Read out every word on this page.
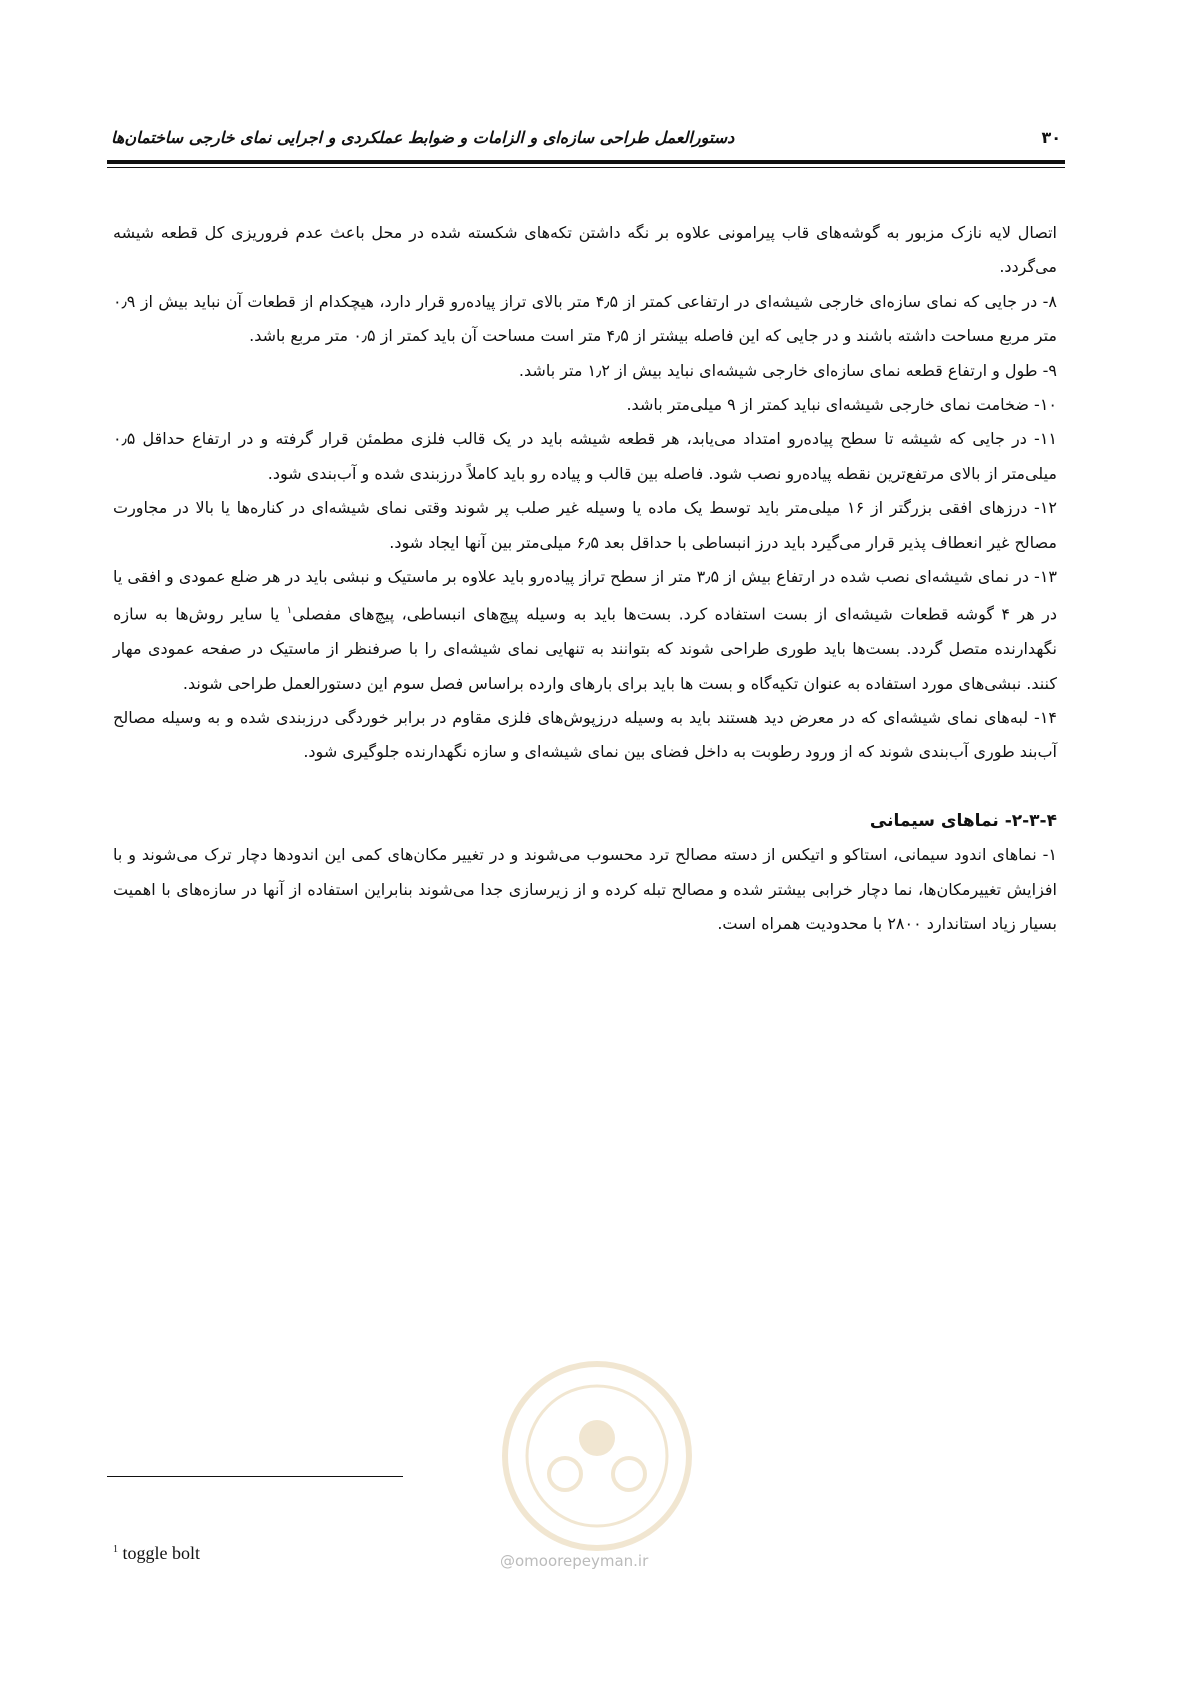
۳۰
دستورالعمل طراحی سازه‌ای و الزامات و ضوابط عملکردی و اجرایی نمای خارجی ساختمان‌ها

اتصال لایه نازک مزبور به گوشه‌های قاب پیرامونی علاوه بر نگه داشتن تکه‌های شکسته شده در محل باعث عدم فروریزی کل قطعه شیشه می‌گردد.

۸- در جایی که نمای سازه‌ای خارجی شیشه‌ای در ارتفاعی کمتر از ۴٫۵ متر بالای تراز پیاده‌رو قرار دارد، هیچکدام از قطعات آن نباید بیش از ۰٫۹ متر مربع مساحت داشته باشند و در جایی که این فاصله بیشتر از ۴٫۵ متر است مساحت آن باید کمتر از ۰٫۵ متر مربع باشد.

۹- طول و ارتفاع قطعه نمای سازه‌ای خارجی شیشه‌ای نباید بیش از ۱٫۲ متر باشد.

۱۰- ضخامت نمای خارجی شیشه‌ای نباید کمتر از ۹ میلی‌متر باشد.

۱۱- در جایی که شیشه تا سطح پیاده‌رو امتداد می‌یابد، هر قطعه شیشه باید در یک قالب فلزی مطمئن قرار گرفته و در ارتفاع حداقل ۰٫۵ میلی‌متر از بالای مرتفع‌ترین نقطه پیاده‌رو نصب شود. فاصله بین قالب و پیاده رو باید کاملاً درزبندی شده و آب‌بندی شود.

۱۲- درزهای افقی بزرگتر از ۱۶ میلی‌متر باید توسط یک ماده یا وسیله غیر صلب پر شوند وقتی نمای شیشه‌ای در کناره‌ها یا بالا در مجاورت مصالح غیر انعطاف پذیر قرار می‌گیرد باید درز انبساطی با حداقل بعد ۶٫۵ میلی‌متر بین آنها ایجاد شود.

۱۳- در نمای شیشه‌ای نصب شده در ارتفاع بیش از ۳٫۵ متر از سطح تراز پیاده‌رو باید علاوه بر ماستیک و نبشی باید در هر ضلع عمودی و افقی یا در هر ۴ گوشه قطعات شیشه‌ای از بست استفاده کرد. بست‌ها باید به وسیله پیچ‌های انبساطی، پیچ‌های مفصلی$^۱$ یا سایر روش‌ها به سازه نگهدارنده متصل گردد. بست‌ها باید طوری طراحی شوند که بتوانند به تنهایی نمای شیشه‌ای را با صرفنظر از ماستیک در صفحه عمودی مهار کنند. نبشی‌های مورد استفاده به عنوان تکیه‌گاه و بست ها باید برای بارهای وارده براساس فصل سوم این دستورالعمل طراحی شوند.

۱۴- لبه‌های نمای شیشه‌ای که در معرض دید هستند باید به وسیله درزپوش‌های فلزی مقاوم در برابر خوردگی درزبندی شده و به وسیله مصالح آب‌بند طوری آب‌بندی شوند که از ورود رطوبت به داخل فضای بین نمای شیشه‌ای و سازه نگهدارنده جلوگیری شود.

۲-۳-۴- نماهای سیمانی

۱- نماهای اندود سیمانی، استاکو و اتیکس از دسته مصالح ترد محسوب می‌شوند و در تغییر مکان‌های کمی این اندودها دچار ترک می‌شوند و با افزایش تغییرمکان‌ها، نما دچار خرابی بیشتر شده و مصالح تبله کرده و از زیرسازی جدا می‌شوند بنابراین استفاده از آنها در سازه‌های با اهمیت بسیار زیاد استاندارد ۲۸۰۰ با محدودیت همراه است.

@omoorepeyman.ir
$^1$ toggle bolt
